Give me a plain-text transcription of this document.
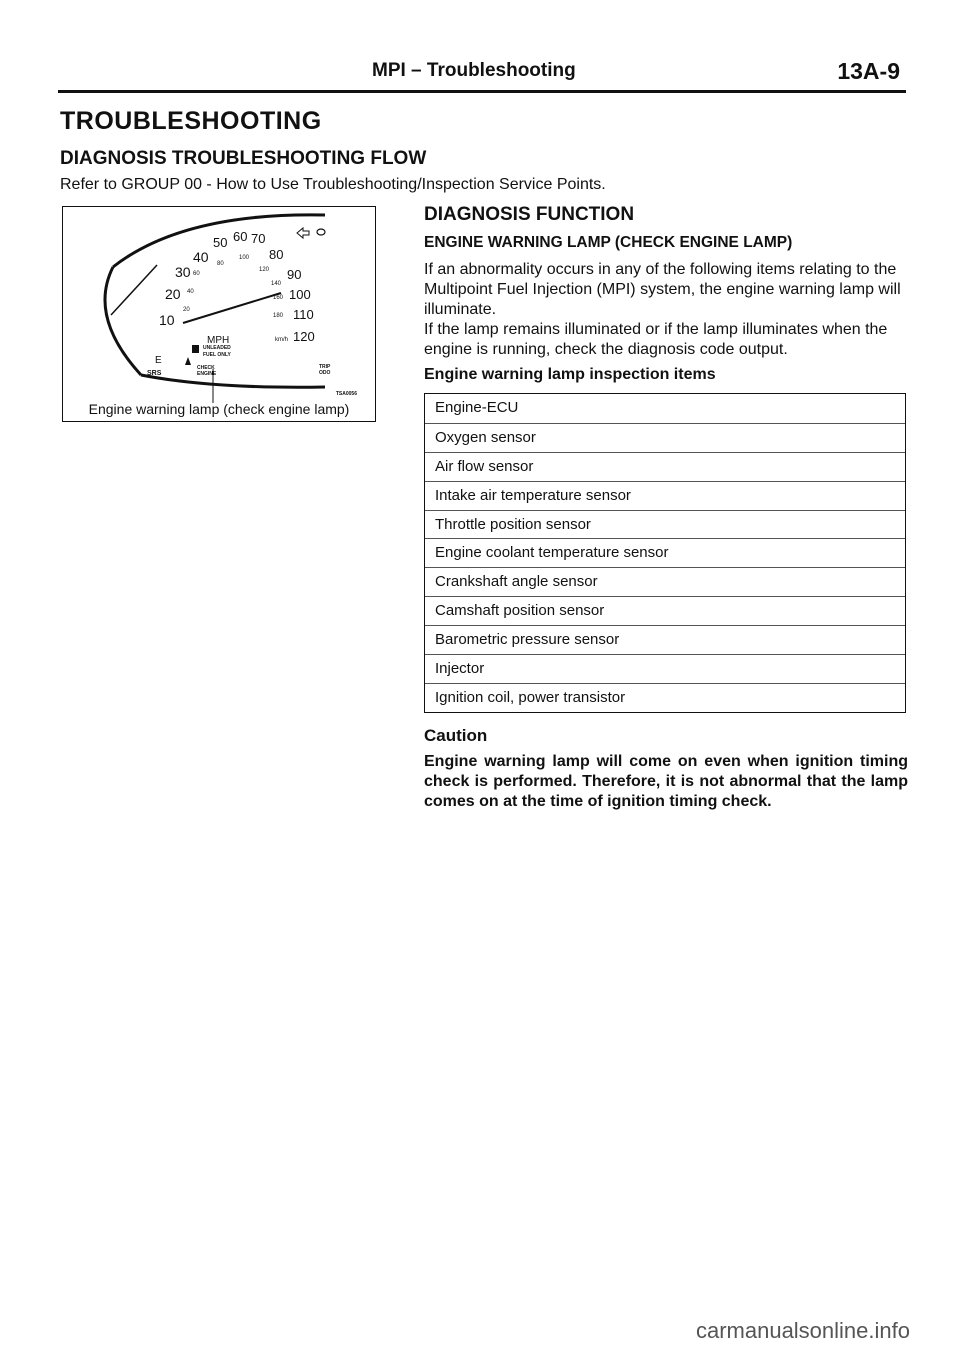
MPI – Troubleshooting	13A-9
TROUBLESHOOTING
DIAGNOSIS TROUBLESHOOTING FLOW
Refer to GROUP 00 - How to Use Troubleshooting/Inspection Service Points.
10
20
30
40
50 60 70
80
90
100
110
120
20
40
60
80
100
120
140
160
180
MPH	km/h
E
UNLEADED
FUEL ONLY
SRS
CHECK
ENGINE
TRIP
ODO
TSA0056
Engine warning lamp (check engine lamp)
DIAGNOSIS FUNCTION
ENGINE WARNING LAMP (CHECK ENGINE LAMP)
If an abnormality occurs in any of the following items relating to the Multipoint Fuel Injection (MPI) system, the engine warning lamp will illuminate.
If the lamp remains illuminated or if the lamp illuminates when the engine is running, check the diagnosis code output.
Engine warning lamp inspection items
Engine-ECU
Oxygen sensor
Air flow sensor
Intake air temperature sensor
Throttle position sensor
Engine coolant temperature sensor
Crankshaft angle sensor
Camshaft position sensor
Barometric pressure sensor
Injector
Ignition coil, power transistor
Caution
Engine warning lamp will come on even when ignition timing check is performed. Therefore, it is not abnormal that the lamp comes on at the time of ignition timing check.
carmanualsonline.info
